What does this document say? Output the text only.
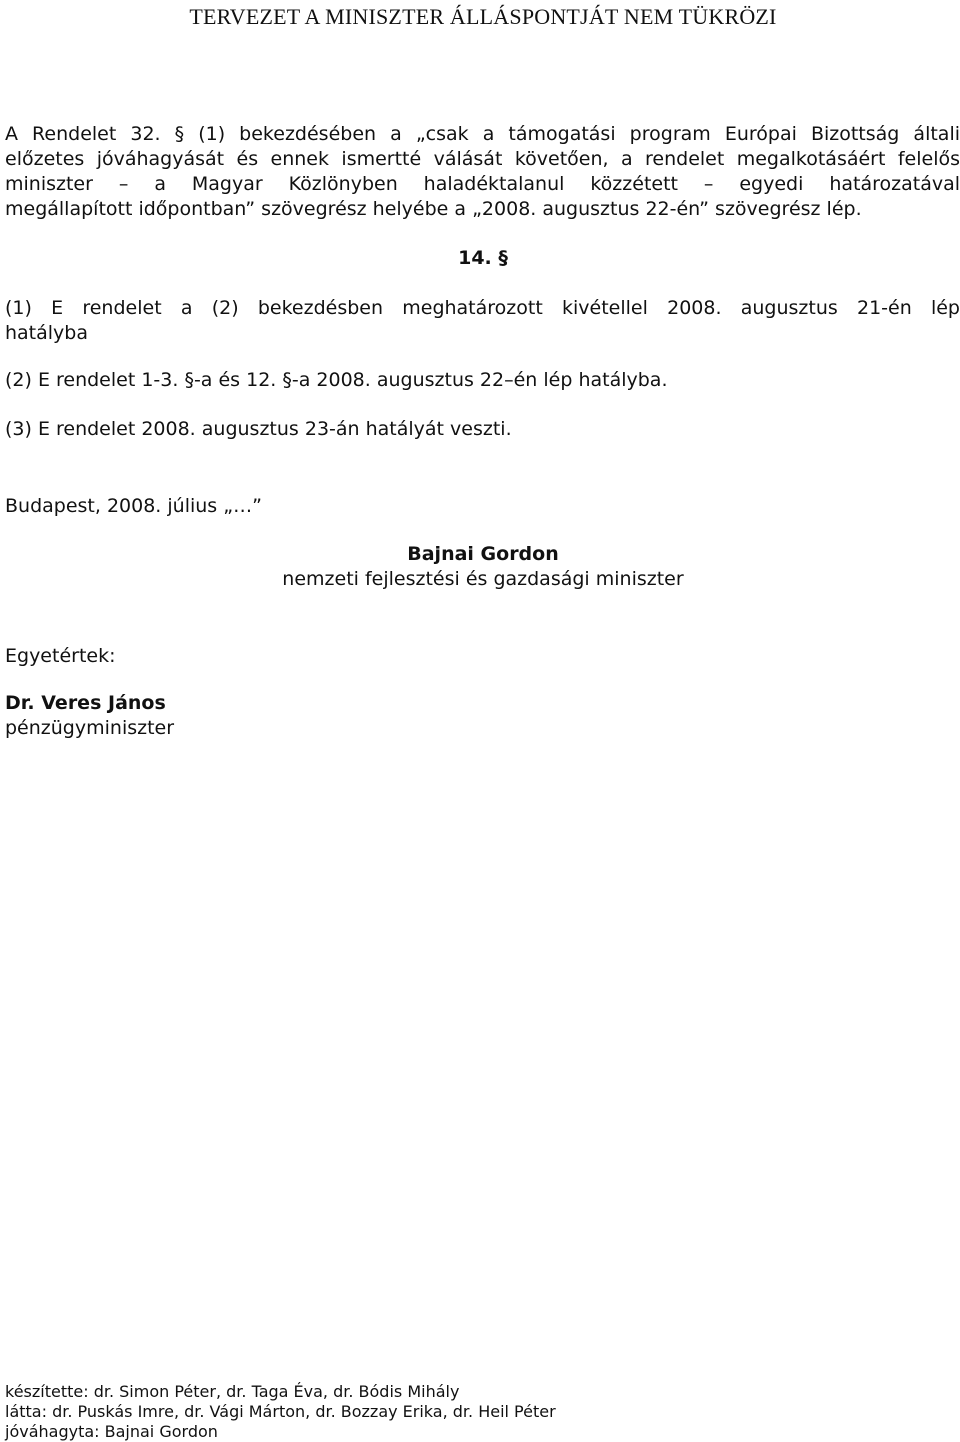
TERVEZET A MINISZTER ÁLLÁSPONTJÁT NEM TÜKRÖZI
A Rendelet 32. § (1) bekezdésében a „csak a támogatási program Európai Bizottság általi
előzetes jóváhagyását és ennek ismertté válását követően, a rendelet megalkotásáért felelős
miniszter – a Magyar Közlönyben haladéktalanul közzétett – egyedi határozatával
megállapított időpontban” szövegrész helyébe a „2008. augusztus 22-én” szövegrész lép.
14. §
(1) E rendelet a (2) bekezdésben meghatározott kivétellel 2008. augusztus 21-én lép
hatályba
(2) E rendelet 1-3. §-a és 12. §-a 2008. augusztus 22–én lép hatályba.
(3) E rendelet 2008. augusztus 23-án hatályát veszti.
Budapest, 2008. július „…”
Bajnai Gordon
nemzeti fejlesztési és gazdasági miniszter
Egyetértek:
Dr. Veres János
pénzügyminiszter
készítette: dr. Simon Péter, dr. Taga Éva, dr. Bódis Mihály
látta: dr. Puskás Imre, dr. Vági Márton, dr. Bozzay Erika, dr. Heil Péter
jóváhagyta: Bajnai Gordon
